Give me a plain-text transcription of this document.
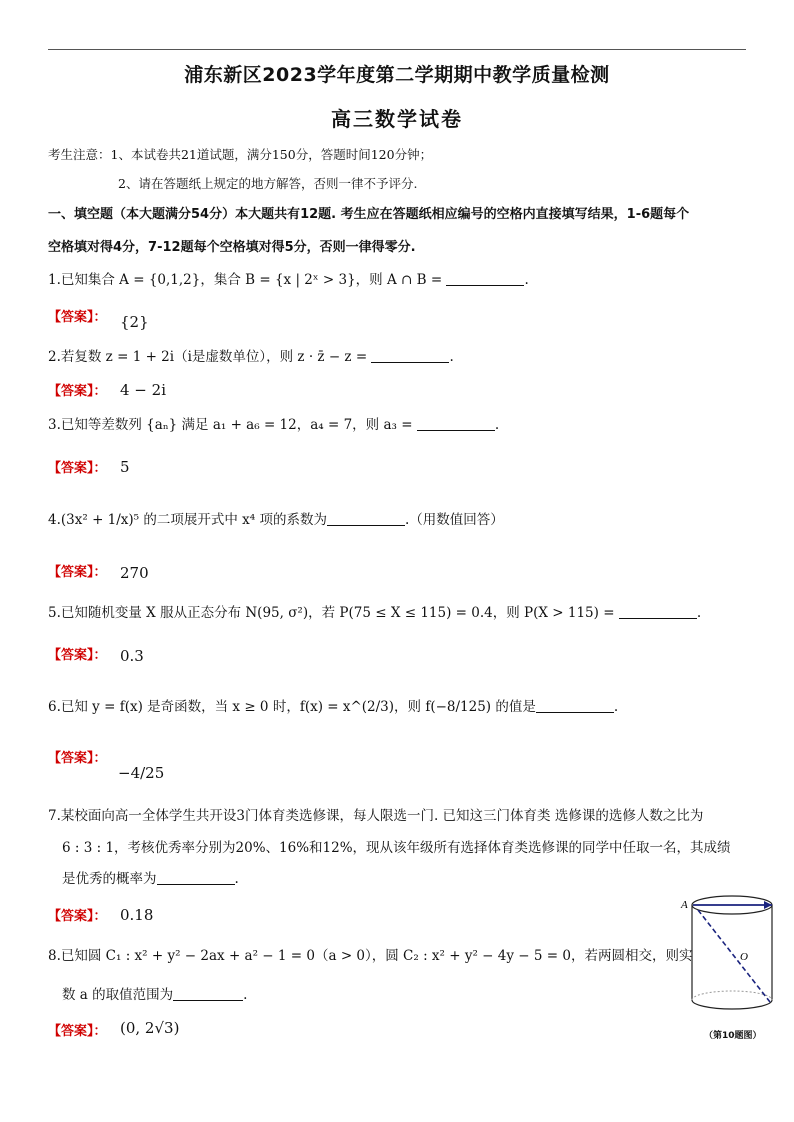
浦东新区2023学年度第二学期期中教学质量检测
高三数学试卷
考生注意：1、本试卷共21道试题，满分150分，答题时间120分钟；
2、请在答题纸上规定的地方解答，否则一律不予评分.
一、填空题（本大题满分54分）本大题共有12题. 考生应在答题纸相应编号的空格内直接填写结果，1-6题每个
空格填对得4分，7-12题每个空格填对得5分，否则一律得零分.
1.已知集合 A = {0,1,2}，集合 B = {x | 2ˣ > 3}，则 A ∩ B =	.
【答案】： {2}
2.若复数 z = 1 + 2i（i是虚数单位），则 z · z̄ − z =	.
【答案】： 4 − 2i
3.已知等差数列 {aₙ} 满足 a₁ + a₆ = 12，a₄ = 7，则 a₃ =	.
【答案】： 5
4.(3x² + 1/x)⁵ 的二项展开式中 x⁴ 项的系数为	.（用数值回答）
【答案】： 270
5.已知随机变量 X 服从正态分布 N(95, σ²)，若 P(75 ≤ X ≤ 115) = 0.4，则 P(X > 115) =	.
【答案】： 0.3
6.已知 y = f(x) 是奇函数，当 x ≥ 0 时，f(x) = x^(2/3)，则 f(−8/125) 的值是	.
【答案】：
−4/25
7.某校面向高一全体学生共开设3门体育类选修课，每人限选一门. 已知这三门体育类 选修课的选修人数之比为
6 : 3 : 1，考核优秀率分别为20%、16%和12%，现从该年级所有选择体育类选修课的同学中任取一名，其成绩
是优秀的概率为	.
【答案】： 0.18
8.已知圆 C₁ : x² + y² − 2ax + a² − 1 = 0（a > 0），圆 C₂ : x² + y² − 4y − 5 = 0，若两圆相交，则实
数 a 的取值范围为	.
【答案】： (0, 2√3)
A
O
（第10题图）
